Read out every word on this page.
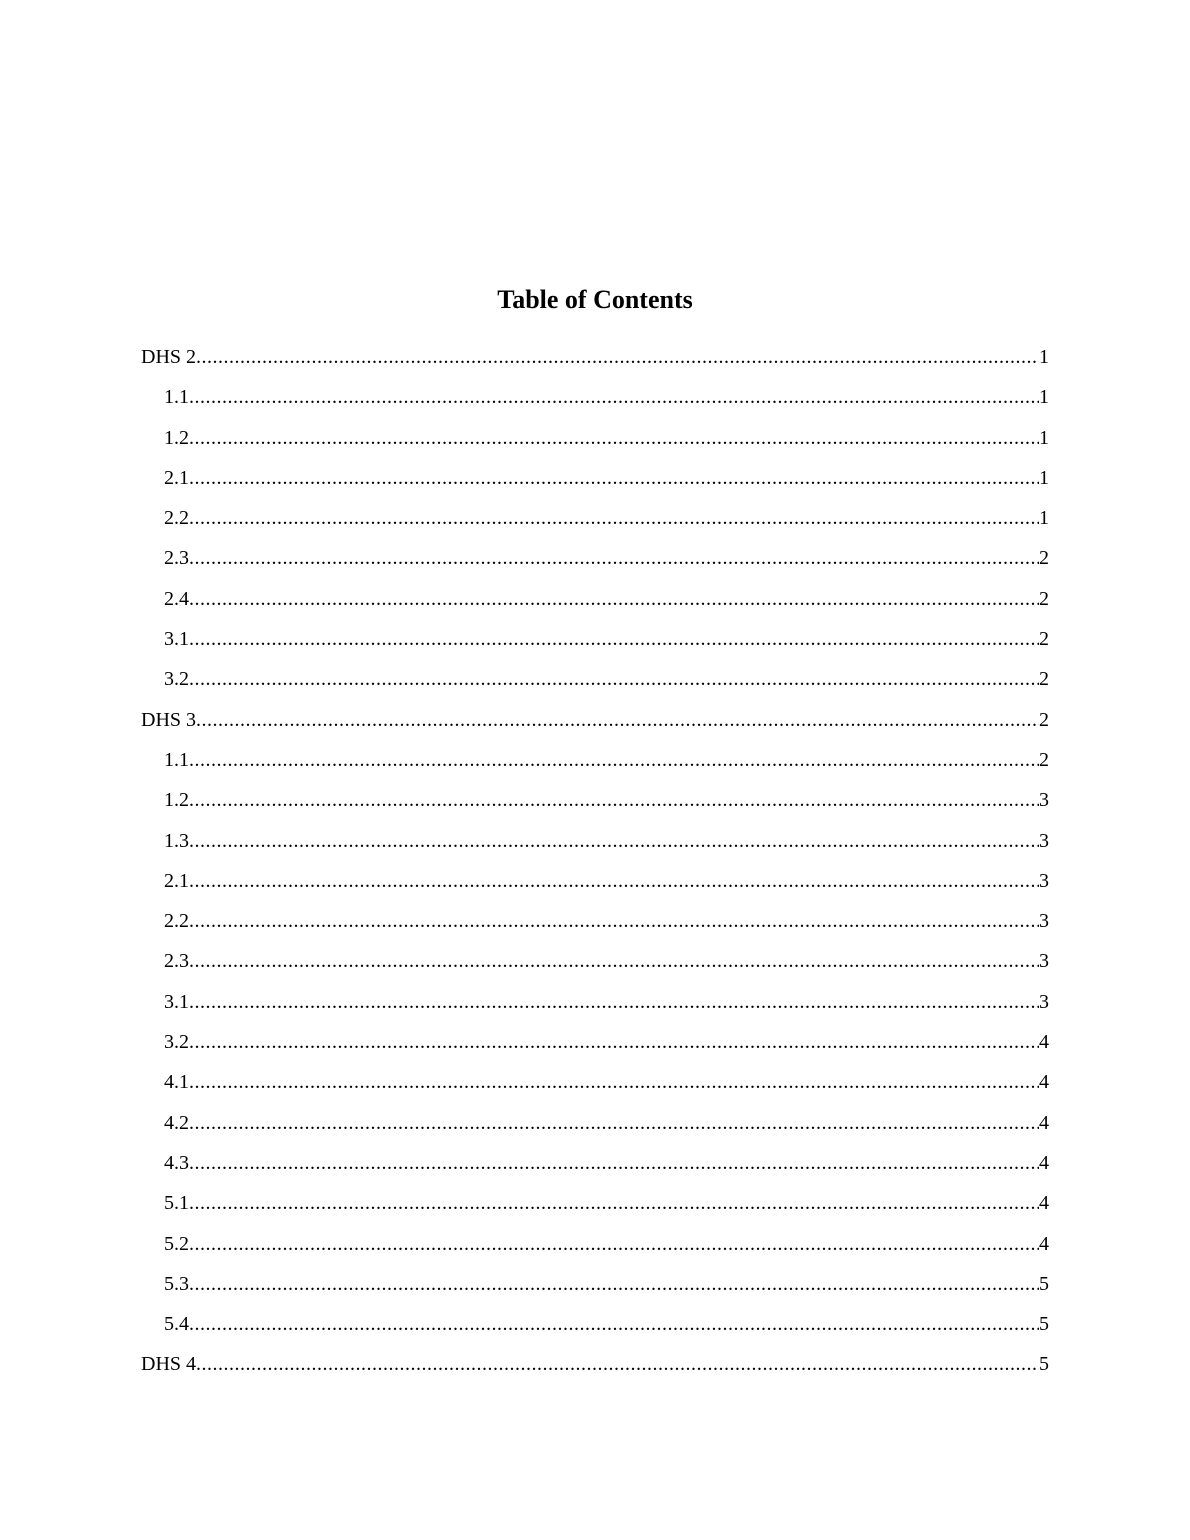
Table of Contents
DHS 2 .....	1
1.1 .....	1
1.2 .....	1
2.1 .....	1
2.2 .....	1
2.3 .....	2
2.4 .....	2
3.1 .....	2
3.2 .....	2
DHS 3 .....	2
1.1 .....	2
1.2 .....	3
1.3 .....	3
2.1 .....	3
2.2 .....	3
2.3 .....	3
3.1 .....	3
3.2 .....	4
4.1 .....	4
4.2 .....	4
4.3 .....	4
5.1 .....	4
5.2 .....	4
5.3 .....	5
5.4 .....	5
DHS 4 .....	5
